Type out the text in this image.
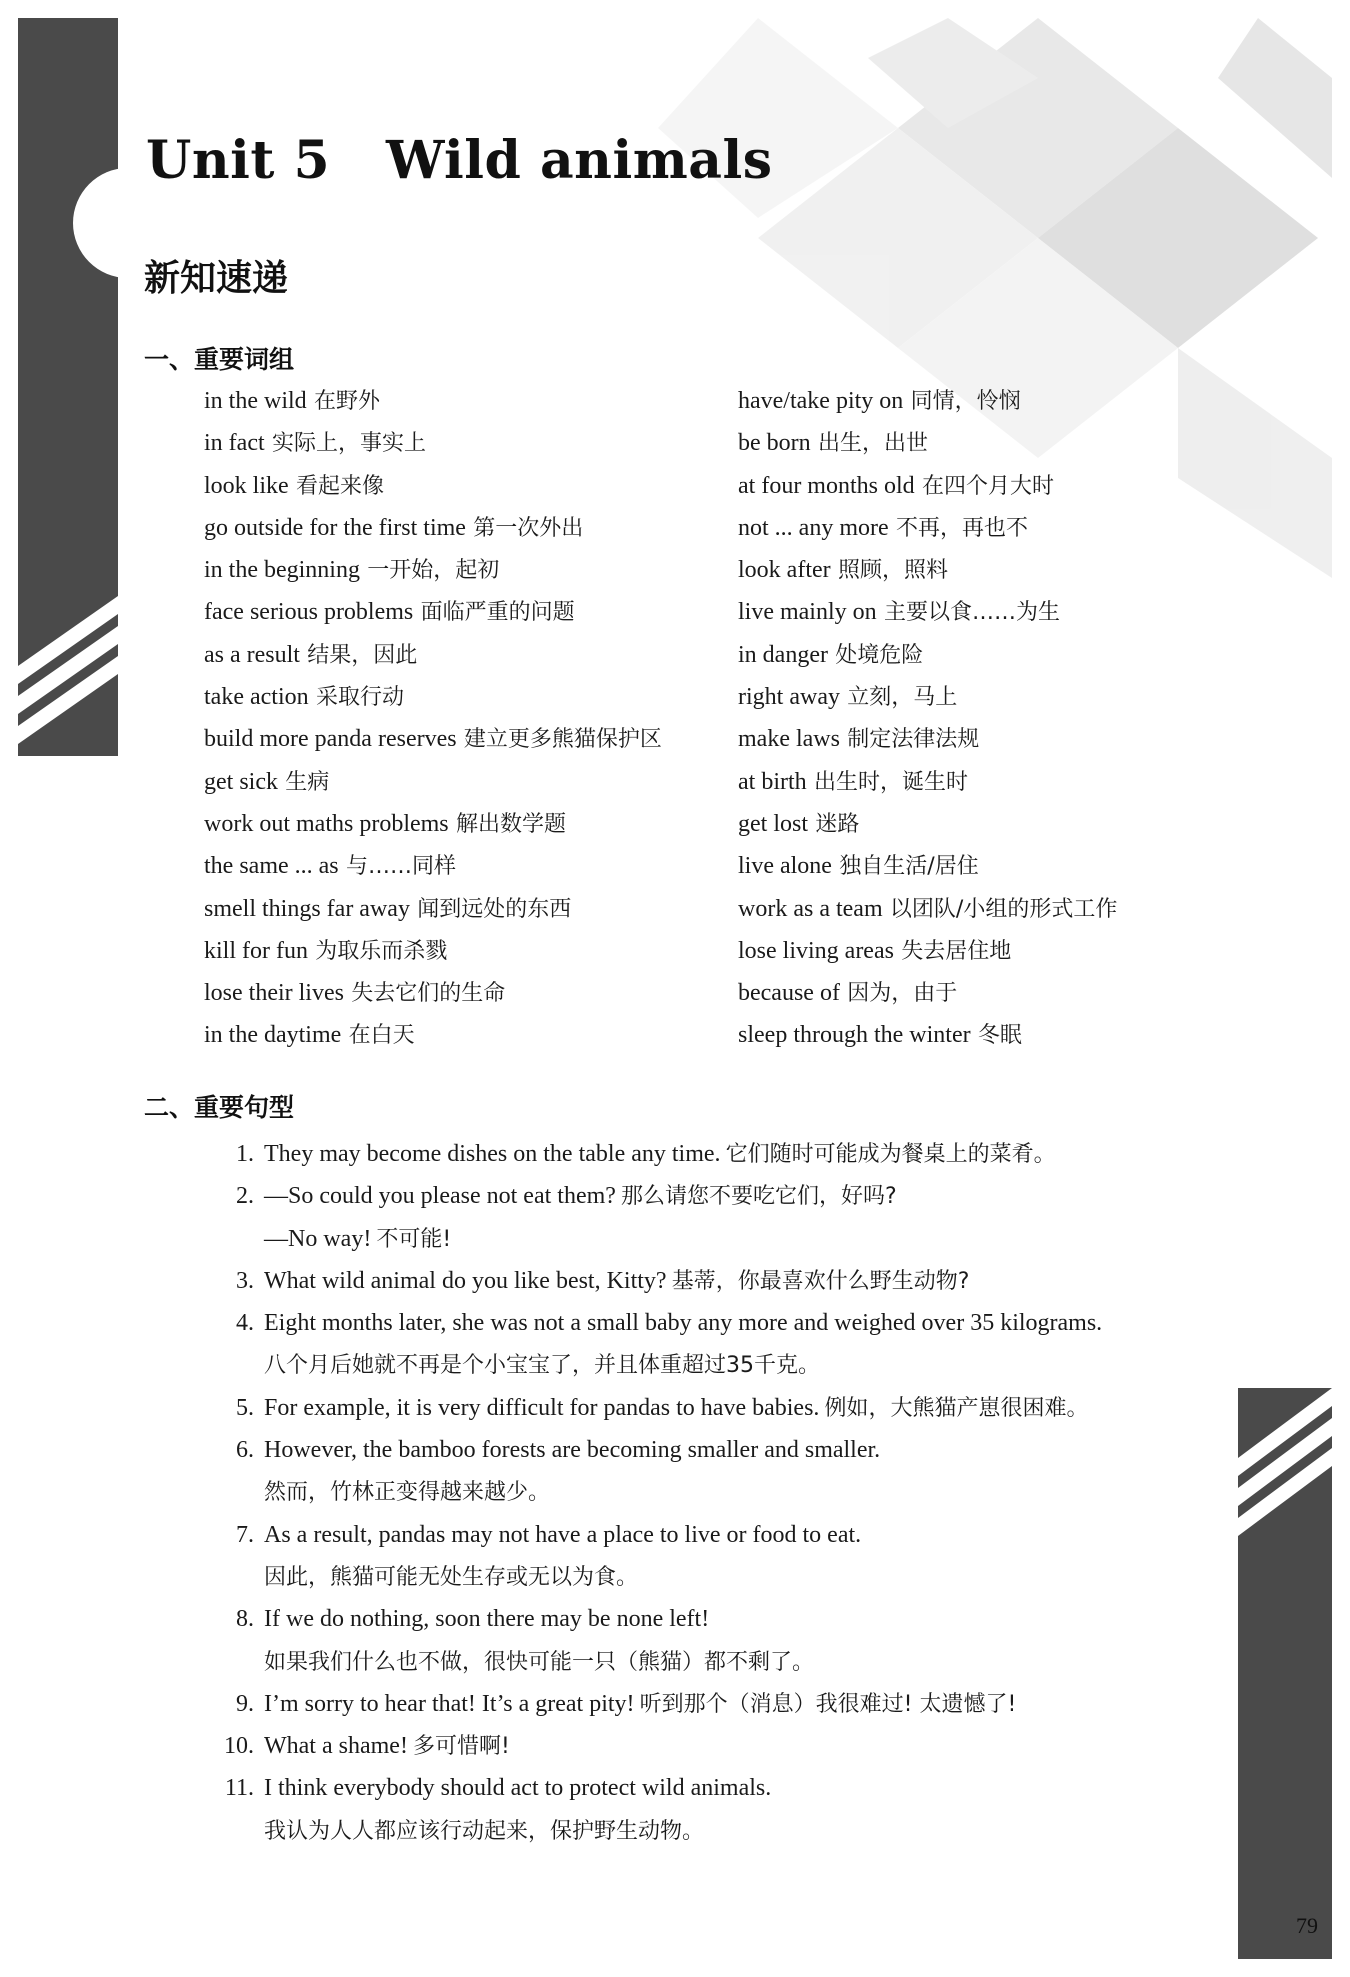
Unit 5   Wild animals
新知速递
一、重要词组
in the wild 在野外
in fact 实际上，事实上
look like 看起来像
go outside for the first time 第一次外出
in the beginning 一开始，起初
face serious problems 面临严重的问题
as a result 结果，因此
take action 采取行动
build more panda reserves 建立更多熊猫保护区
get sick 生病
work out maths problems 解出数学题
the same ... as 与……同样
smell things far away 闻到远处的东西
kill for fun 为取乐而杀戮
lose their lives 失去它们的生命
in the daytime 在白天
have/take pity on 同情，怜悯
be born 出生，出世
at four months old 在四个月大时
not ... any more 不再，再也不
look after 照顾，照料
live mainly on 主要以食……为生
in danger 处境危险
right away 立刻，马上
make laws 制定法律法规
at birth 出生时，诞生时
get lost 迷路
live alone 独自生活/居住
work as a team 以团队/小组的形式工作
lose living areas 失去居住地
because of 因为，由于
sleep through the winter 冬眠
二、重要句型
1. They may become dishes on the table any time. 它们随时可能成为餐桌上的菜肴。
2. —So could you please not eat them? 那么请您不要吃它们，好吗?
—No way! 不可能!
3. What wild animal do you like best, Kitty? 基蒂，你最喜欢什么野生动物?
4. Eight months later, she was not a small baby any more and weighed over 35 kilograms.
八个月后她就不再是个小宝宝了，并且体重超过35千克。
5. For example, it is very difficult for pandas to have babies. 例如，大熊猫产崽很困难。
6. However, the bamboo forests are becoming smaller and smaller.
然而，竹林正变得越来越少。
7. As a result, pandas may not have a place to live or food to eat.
因此，熊猫可能无处生存或无以为食。
8. If we do nothing, soon there may be none left!
如果我们什么也不做，很快可能一只（熊猫）都不剩了。
9. I’m sorry to hear that! It’s a great pity! 听到那个（消息）我很难过! 太遗憾了!
10. What a shame! 多可惜啊!
11. I think everybody should act to protect wild animals.
我认为人人都应该行动起来，保护野生动物。

79
